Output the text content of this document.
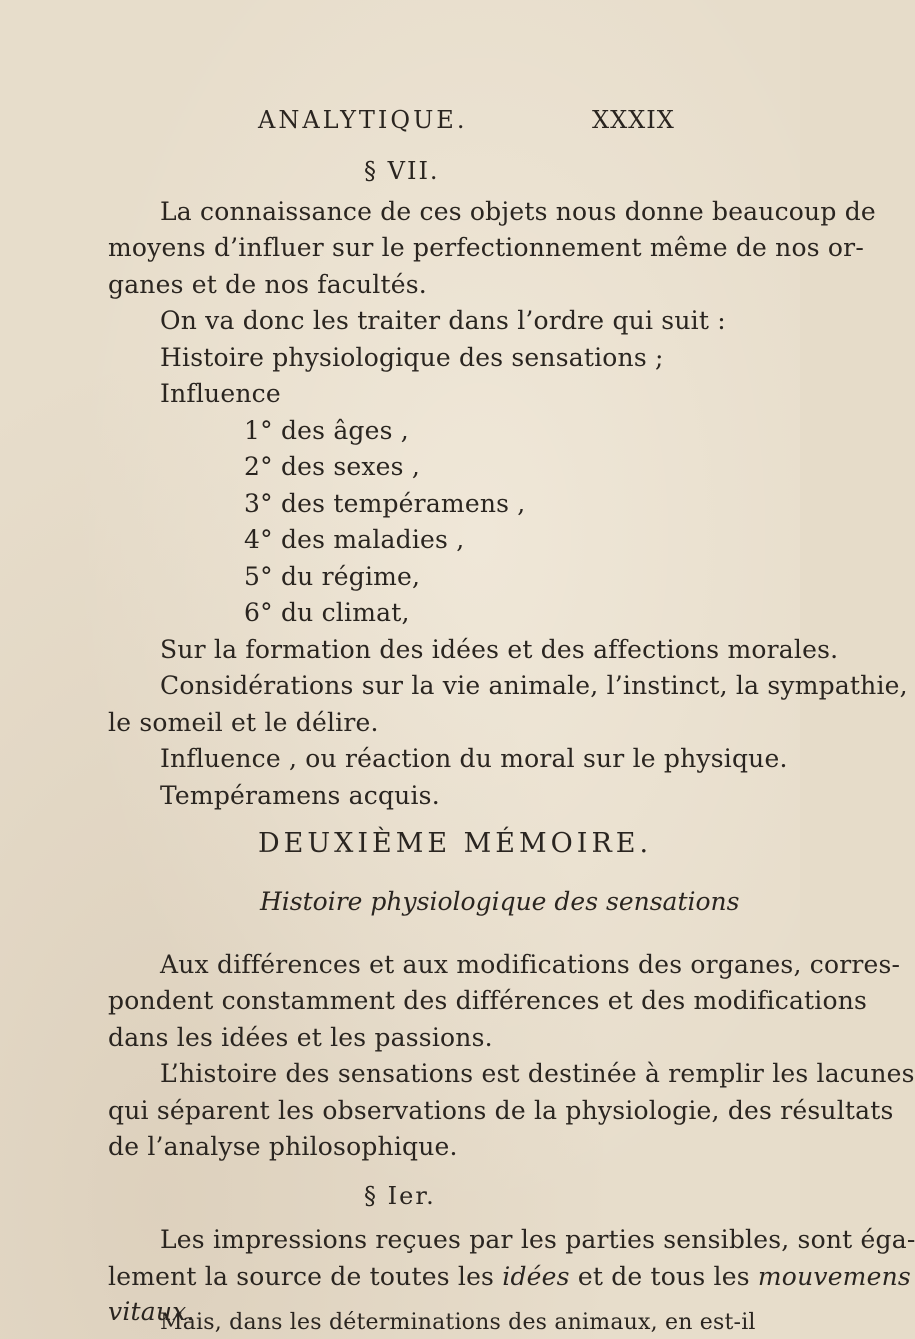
ANALYTIQUE.	XXXIX
§ VII.
La connaissance de ces objets nous donne beaucoup de
moyens d’influer sur le perfectionnement même de nos or-
ganes et de nos facultés.
On va donc les traiter dans l’ordre qui suit :
Histoire physiologique des sensations ;
Influence
1° des âges ,
2° des sexes ,
3° des tempéramens ,
4° des maladies ,
5° du régime,
6° du climat,
Sur la formation des idées et des affections morales.
Considérations sur la vie animale, l’instinct, la sympathie,
le someil et le délire.
Influence , ou réaction du moral sur le physique.
Tempéramens acquis.
DEUXIÈME MÉMOIRE.
Histoire physiologique des sensations
Aux différences et aux modifications des organes, corres-
pondent constamment des différences et des modifications
dans les idées et les passions.
L’histoire des sensations est destinée à remplir les lacunes
qui séparent les observations de la physiologie, des résultats
de l’analyse philosophique.
§ Ier.
Les impressions reçues par les parties sensibles, sont éga-
lement la source de toutes les idées et de tous les mouvemens
vitaux.
Mais, dans les déterminations des animaux, en est-il
